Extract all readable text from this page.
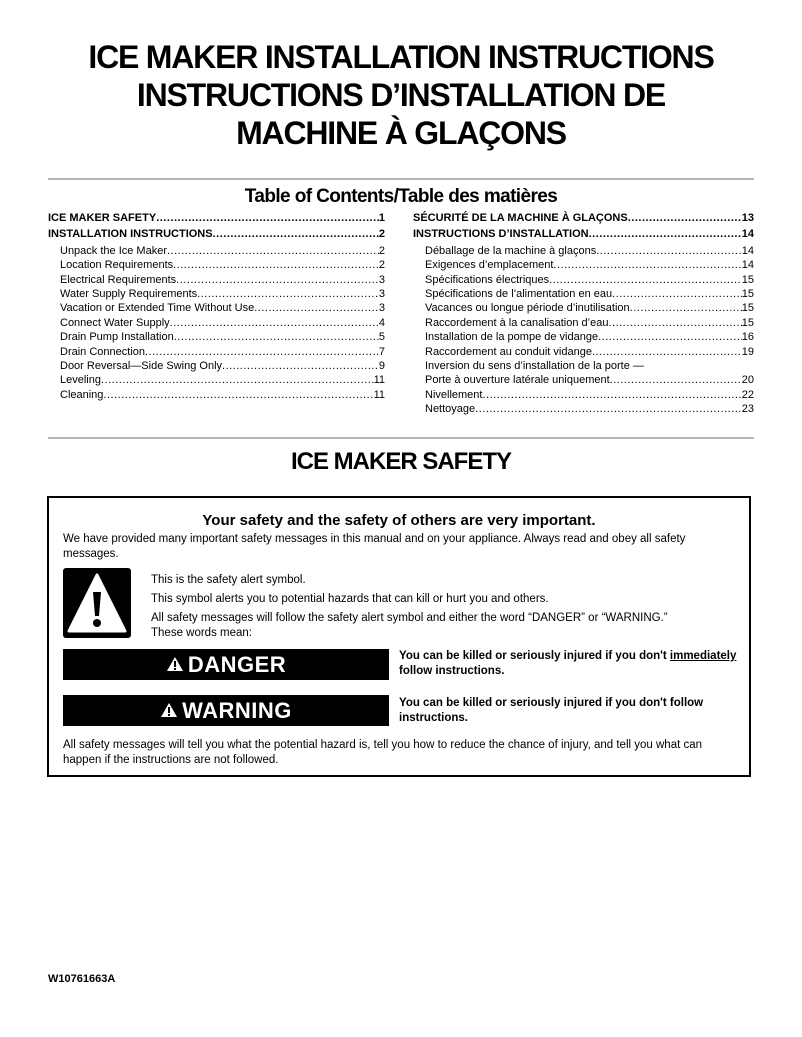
ICE MAKER INSTALLATION INSTRUCTIONS
INSTRUCTIONS D’INSTALLATION DE
MACHINE À GLAÇONS
Table of Contents/Table des matières
ICE MAKER SAFETY .....	1
INSTALLATION INSTRUCTIONS .....	2
Unpack the Ice Maker .....	2
Location Requirements .....	2
Electrical Requirements .....	3
Water Supply Requirements .....	3
Vacation or Extended Time Without Use .....	3
Connect Water Supply .....	4
Drain Pump Installation .....	5
Drain Connection .....	7
Door Reversal—Side Swing Only .....	9
Leveling .....	11
Cleaning .....	11
SÉCURITÉ DE LA MACHINE À GLAÇONS .....	13
INSTRUCTIONS D’INSTALLATION .....	14
Déballage de la machine à glaçons .....	14
Exigences d’emplacement .....	14
Spécifications électriques .....	15
Spécifications de l’alimentation en eau .....	15
Vacances ou longue période d’inutilisation .....	15
Raccordement à la canalisation d’eau .....	15
Installation de la pompe de vidange .....	16
Raccordement au conduit vidange .....	19
Inversion du sens d’installation de la porte —
Porte à ouverture latérale uniquement .....	20
Nivellement .....	22
Nettoyage .....	23
ICE MAKER SAFETY
Your safety and the safety of others are very important.
We have provided many important safety messages in this manual and on your appliance. Always read and obey all safety messages.

This is the safety alert symbol.

This symbol alerts you to potential hazards that can kill or hurt you and others.

All safety messages will follow the safety alert symbol and either the word “DANGER” or “WARNING.”

These words mean:

DANGER	You can be killed or seriously injured if you don't immediately follow instructions.
WARNING	You can be killed or seriously injured if you don't follow instructions.
All safety messages will tell you what the potential hazard is, tell you how to reduce the chance of injury, and tell you what can happen if the instructions are not followed.
W10761663A
